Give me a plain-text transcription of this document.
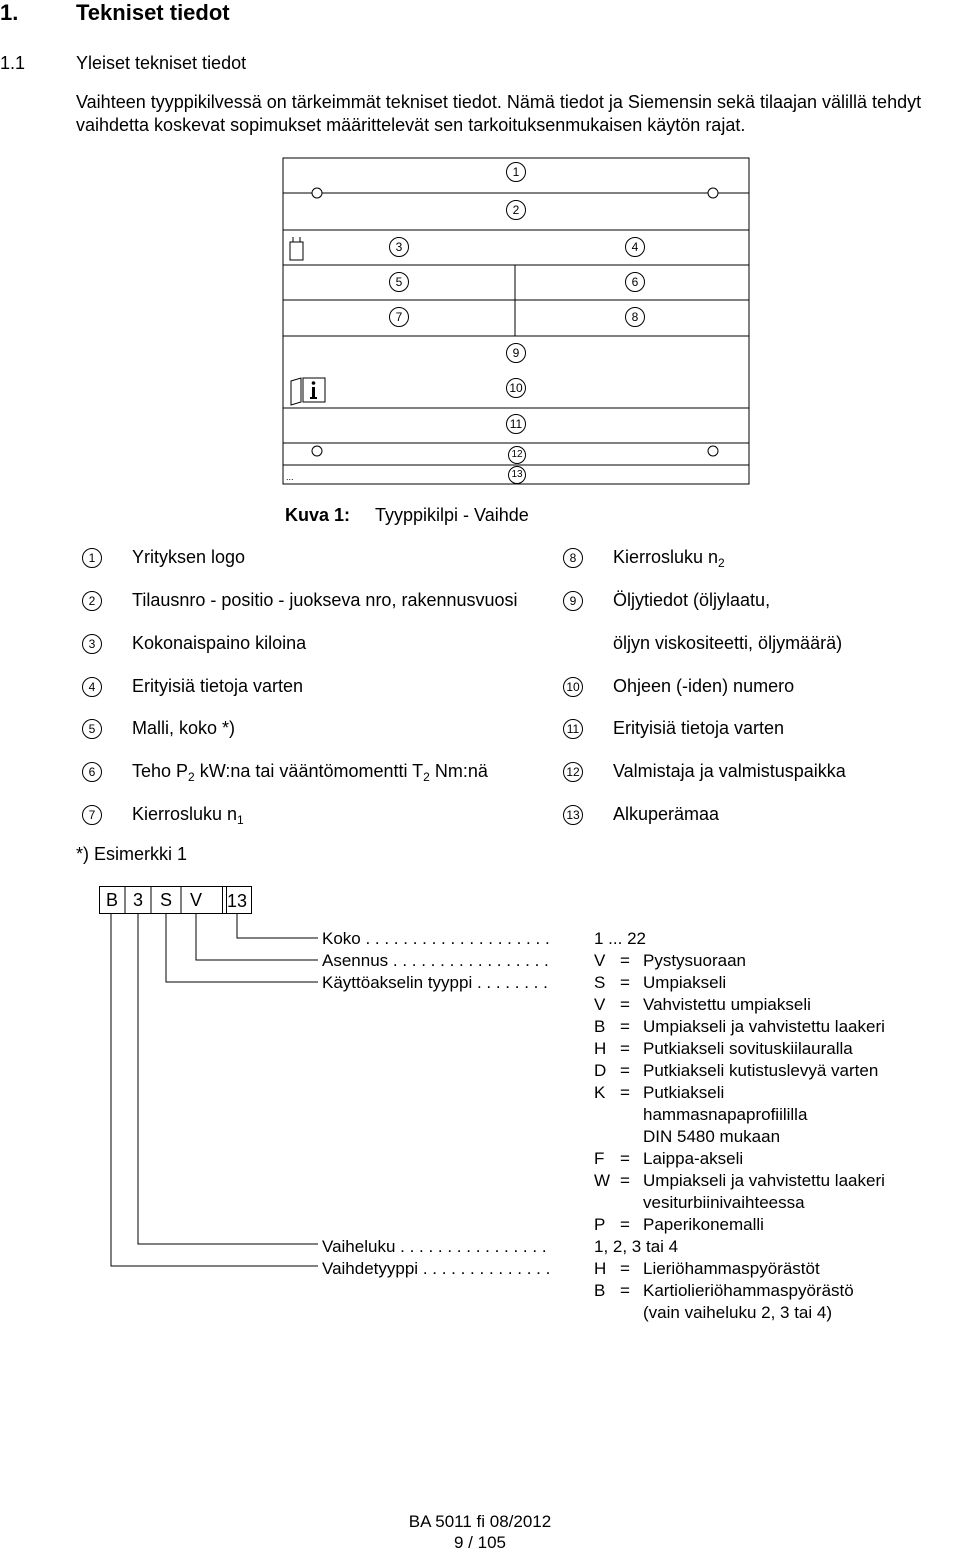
1.	Tekniset tiedot
1.1	Yleiset tekniset tiedot
Vaihteen tyyppikilvessä on tärkeimmät tekniset tiedot. Nämä tiedot ja Siemensin sekä tilaajan välillä tehdyt
vaihdetta koskevat sopimukset määrittelevät sen tarkoituksenmukaisen käytön rajat.
...
1
2
3	4
5	6
7	8
9
10
11
12
13
Kuva 1: Tyyppikilpi - Vaihde
1	Yrityksen logo
2	Tilausnro - positio - juokseva nro, rakennusvuosi
3	Kokonaispaino kiloina
4	Erityisiä tietoja varten
5	Malli, koko *)
6	Teho $P_2$ kW:na tai vääntömomentti $T_2$ Nm:nä
7	Kierrosluku $n_1$
8	Kierrosluku $n_2$
9	Öljytiedot (öljylaatu,
öljyn viskositeetti, öljymäärä)
10 Ohjeen (-iden) numero
11 Erityisiä tietoja varten
12 Valmistaja ja valmistuspaikka
13 Alkuperämaa
*) Esimerkki 1
B 3 S V	13
Koko . . . . . . . . . . . . . . . . . . . .	1 ... 22
Asennus . . . . . . . . . . . . . . . . .	V = Pystysuoraan
Käyttöakselin tyyppi . . . . . . . .	S = Umpiakseli
V = Vahvistettu umpiakseli
B = Umpiakseli ja vahvistettu laakeri
H = Putkiakseli sovituskiilauralla
D = Putkiakseli kutistuslevyä varten
K = Putkiakseli
hammasnapaprofiililla
DIN 5480 mukaan
F = Laippa-akseli
W = Umpiakseli ja vahvistettu laakeri
vesiturbiinivaihteessa
P = Paperikonemalli
Vaiheluku . . . . . . . . . . . . . . . .	1, 2, 3 tai 4
Vaihdetyyppi . . . . . . . . . . . . . .	H = Lieriöhammaspyörästöt
B = Kartiolieriöhammaspyörästö
(vain vaiheluku 2, 3 tai 4)
BA 5011 fi 08/2012
9 / 105
